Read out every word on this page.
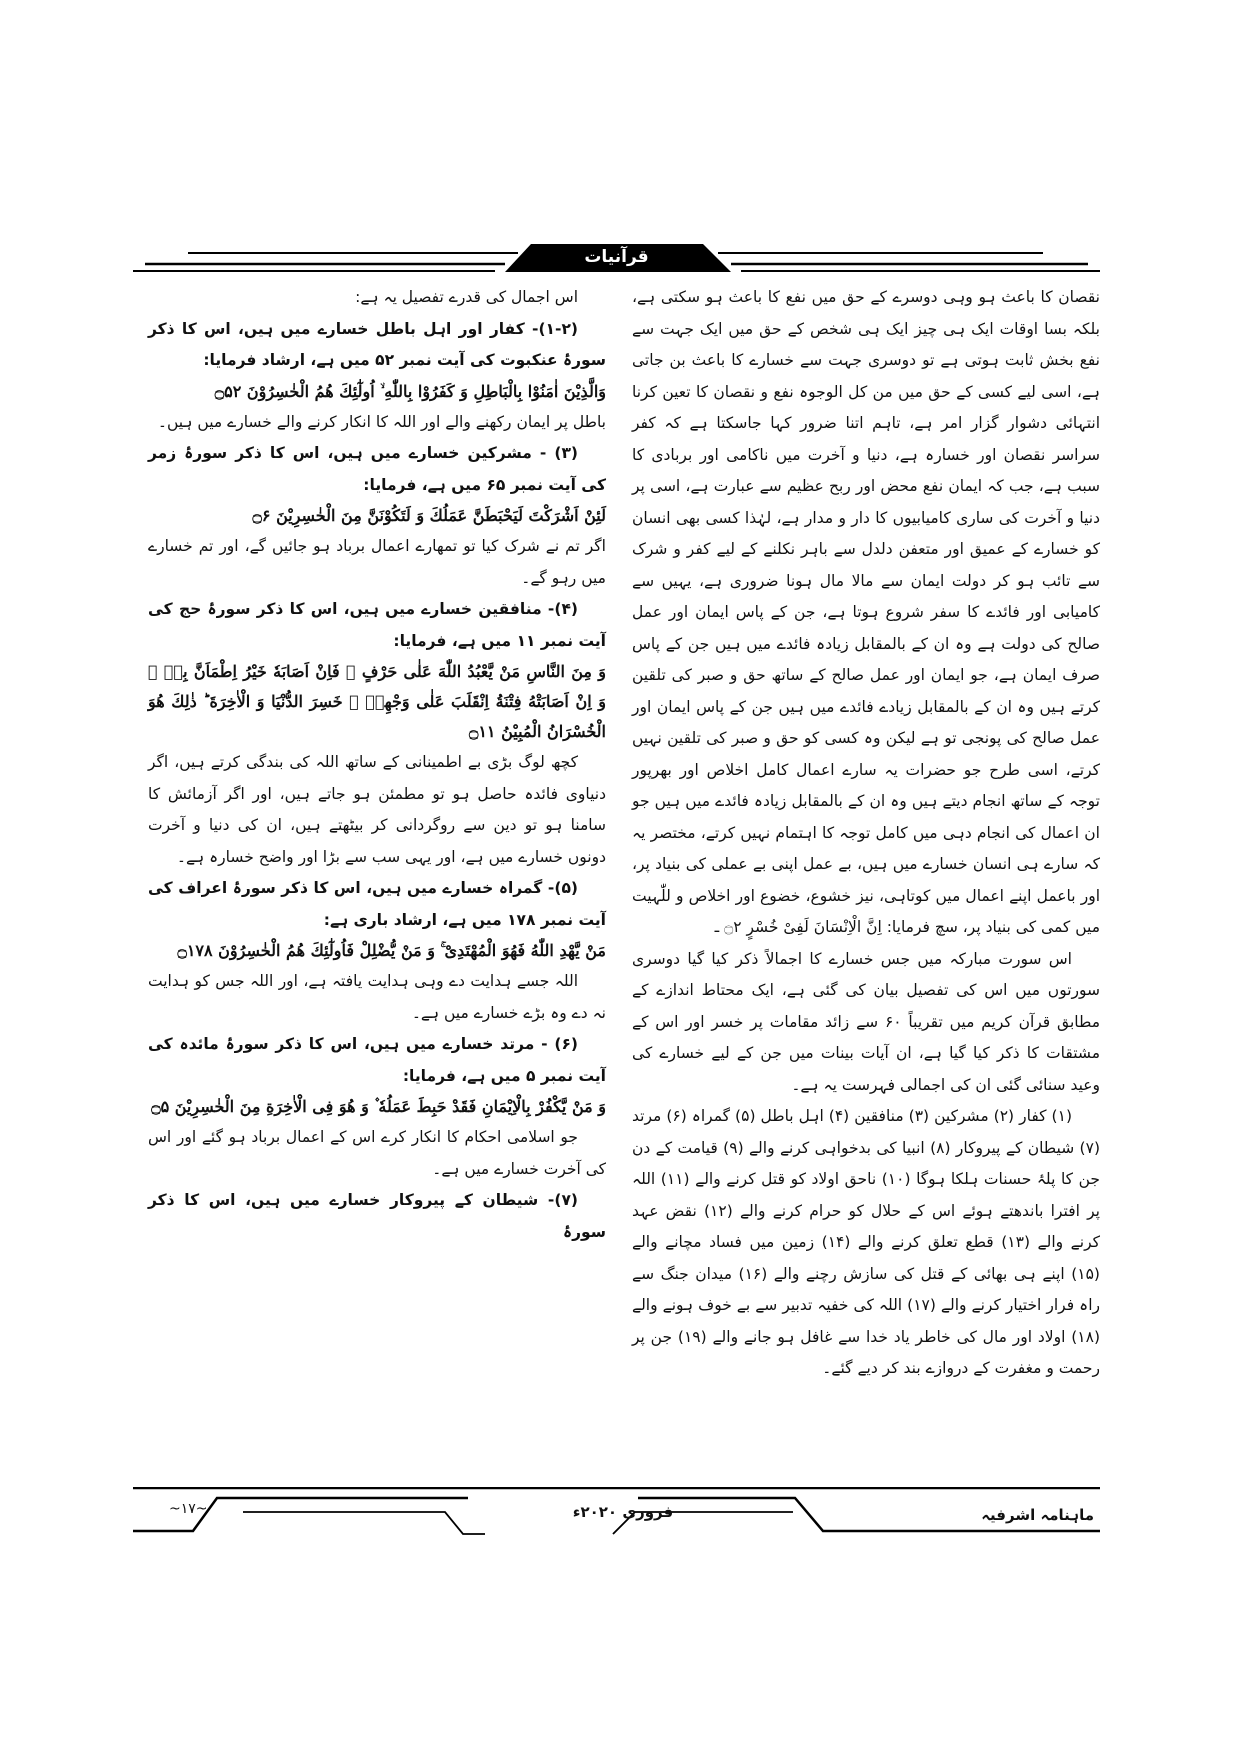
قرآنیات

نقصان کا باعث ہو وہی دوسرے کے حق میں نفع کا باعث ہو سکتی ہے، بلکہ بسا اوقات ایک ہی چیز ایک ہی شخص کے حق میں ایک جہت سے نفع بخش ثابت ہوتی ہے تو دوسری جہت سے خسارے کا باعث بن جاتی ہے، اسی لیے کسی کے حق میں من کل الوجوہ نفع و نقصان کا تعین کرنا انتہائی دشوار گزار امر ہے، تاہم اتنا ضرور کہا جاسکتا ہے کہ کفر سراسر نقصان اور خسارہ ہے، دنیا و آخرت میں ناکامی اور بربادی کا سبب ہے، جب کہ ایمان نفع محض اور ربح عظیم سے عبارت ہے، اسی پر دنیا و آخرت کی ساری کامیابیوں کا دار و مدار ہے، لہٰذا کسی بھی انسان کو خسارے کے عمیق اور متعفن دلدل سے باہر نکلنے کے لیے کفر و شرک سے تائب ہو کر دولت ایمان سے مالا مال ہونا ضروری ہے، یہیں سے کامیابی اور فائدے کا سفر شروع ہوتا ہے، جن کے پاس ایمان اور عمل صالح کی دولت ہے وہ ان کے بالمقابل زیادہ فائدے میں ہیں جن کے پاس صرف ایمان ہے، جو ایمان اور عمل صالح کے ساتھ حق و صبر کی تلقین کرتے ہیں وہ ان کے بالمقابل زیادے فائدے میں ہیں جن کے پاس ایمان اور عمل صالح کی پونجی تو ہے لیکن وہ کسی کو حق و صبر کی تلقین نہیں کرتے، اسی طرح جو حضرات یہ سارے اعمال کامل اخلاص اور بھرپور توجہ کے ساتھ انجام دیتے ہیں وہ ان کے بالمقابل زیادہ فائدے میں ہیں جو ان اعمال کی انجام دہی میں کامل توجہ کا اہتمام نہیں کرتے، مختصر یہ کہ سارے ہی انسان خسارے میں ہیں، بے عمل اپنی بے عملی کی بنیاد پر، اور باعمل اپنے اعمال میں کوتاہی، نیز خشوع، خضوع اور اخلاص و للّٰہیت میں کمی کی بنیاد پر، سچ فرمایا: اِنَّ الْاِنْسَانَ لَفِیْ خُسْرٍ ۝۲ ـ

اس سورت مبارکہ میں جس خسارے کا اجمالاً ذکر کیا گیا دوسری سورتوں میں اس کی تفصیل بیان کی گئی ہے، ایک محتاط اندازے کے مطابق قرآن کریم میں تقریباً ۶۰ سے زائد مقامات پر خسر اور اس کے مشتقات کا ذکر کیا گیا ہے، ان آیات بینات میں جن کے لیے خسارے کی وعید سنائی گئی ان کی اجمالی فہرست یہ ہے۔

(۱) کفار (۲) مشرکین (۳) منافقین (۴) اہل باطل (۵) گمراہ (۶) مرتد (۷) شیطان کے پیروکار (۸) انبیا کی بدخواہی کرنے والے (۹) قیامت کے دن جن کا پلۂ حسنات ہلکا ہوگا (۱۰) ناحق اولاد کو قتل کرنے والے (۱۱) اللہ پر افترا باندھتے ہوئے اس کے حلال کو حرام کرنے والے (۱۲) نقض عہد کرنے والے (۱۳) قطع تعلق کرنے والے (۱۴) زمین میں فساد مچانے والے (۱۵) اپنے ہی بھائی کے قتل کی سازش رچنے والے (۱۶) میدان جنگ سے راہ فرار اختیار کرنے والے (۱۷) اللہ کی خفیہ تدبیر سے بے خوف ہونے والے (۱۸) اولاد اور مال کی خاطر یاد خدا سے غافل ہو جانے والے (۱۹) جن پر رحمت و مغفرت کے دروازے بند کر دیے گئے۔

اس اجمال کی قدرے تفصیل یہ ہے:

(۱-۲)- کفار اور اہل باطل خسارے میں ہیں، اس کا ذکر سورۂ عنکبوت کی آیت نمبر ۵۲ میں ہے، ارشاد فرمایا:

وَالَّذِیْنَ اٰمَنُوْا بِالْبَاطِلِ وَ كَفَرُوْا بِاللّٰهِ ۙ اُولٰٓئِكَ هُمُ الْخٰسِرُوْنَ ۝۵۲

باطل پر ایمان رکھنے والے اور اللہ کا انکار کرنے والے خسارے میں ہیں۔

(۳) - مشرکین خسارے میں ہیں، اس کا ذکر سورۂ زمر کی آیت نمبر ۶۵ میں ہے، فرمایا:

لَئِنْ اَشْرَكْتَ لَیَحْبَطَنَّ عَمَلُكَ وَ لَتَكُوْنَنَّ مِنَ الْخٰسِرِیْنَ ۝۶

اگر تم نے شرک کیا تو تمھارے اعمال برباد ہو جائیں گے، اور تم خسارے میں رہو گے۔

(۴)- منافقین خسارے میں ہیں، اس کا ذکر سورۂ حج کی آیت نمبر ۱۱ میں ہے، فرمایا:

وَ مِنَ النَّاسِ مَنْ یَّعْبُدُ اللّٰهَ عَلٰى حَرْفٍ ۚ فَاِنْ اَصَابَهٗ خَیْرُ اِطْمَاَنَّ بِهٖ ۚ وَ اِنْ اَصَابَتْهُ فِتْنَةُ اِنْقَلَبَ عَلٰى وَجْهِهٖ ۚ خَسِرَ الدُّنْیَا وَ الْاٰخِرَةَ ؕ ذٰلِكَ هُوَ الْخُسْرَانُ الْمُبِیْنُ ۝۱۱

کچھ لوگ بڑی بے اطمینانی کے ساتھ اللہ کی بندگی کرتے ہیں، اگر دنیاوی فائدہ حاصل ہو تو مطمئن ہو جاتے ہیں، اور اگر آزمائش کا سامنا ہو تو دین سے روگردانی کر بیٹھتے ہیں، ان کی دنیا و آخرت دونوں خسارے میں ہے، اور یہی سب سے بڑا اور واضح خسارہ ہے۔

(۵)- گمراہ خسارے میں ہیں، اس کا ذکر سورۂ اعراف کی آیت نمبر ۱۷۸ میں ہے، ارشاد باری ہے:

مَنْ یَّهْدِ اللّٰهُ فَهُوَ الْمُهْتَدِیْ ۚ وَ مَنْ یُّضْلِلْ فَاُولٰٓئِكَ هُمُ الْخٰسِرُوْنَ ۝۱۷۸

اللہ جسے ہدایت دے وہی ہدایت یافتہ ہے، اور اللہ جس کو ہدایت نہ دے وہ بڑے خسارے میں ہے۔

(۶) - مرتد خسارے میں ہیں، اس کا ذکر سورۂ مائدہ کی آیت نمبر ۵ میں ہے، فرمایا:

وَ مَنْ یَّكْفُرْ بِالْاِیْمَانِ فَقَدْ حَبِطَ عَمَلُهٗ ۫ وَ هُوَ فِی الْاٰخِرَةِ مِنَ الْخٰسِرِیْنَ ۝۵

جو اسلامی احکام کا انکار کرے اس کے اعمال برباد ہو گئے اور اس کی آخرت خسارے میں ہے۔

(۷)- شیطان کے پیروکار خسارے میں ہیں، اس کا ذکر سورۂ

ماہنامہ اشرفیہ
فروری ۲۰۲۰ء
~۱۷~
